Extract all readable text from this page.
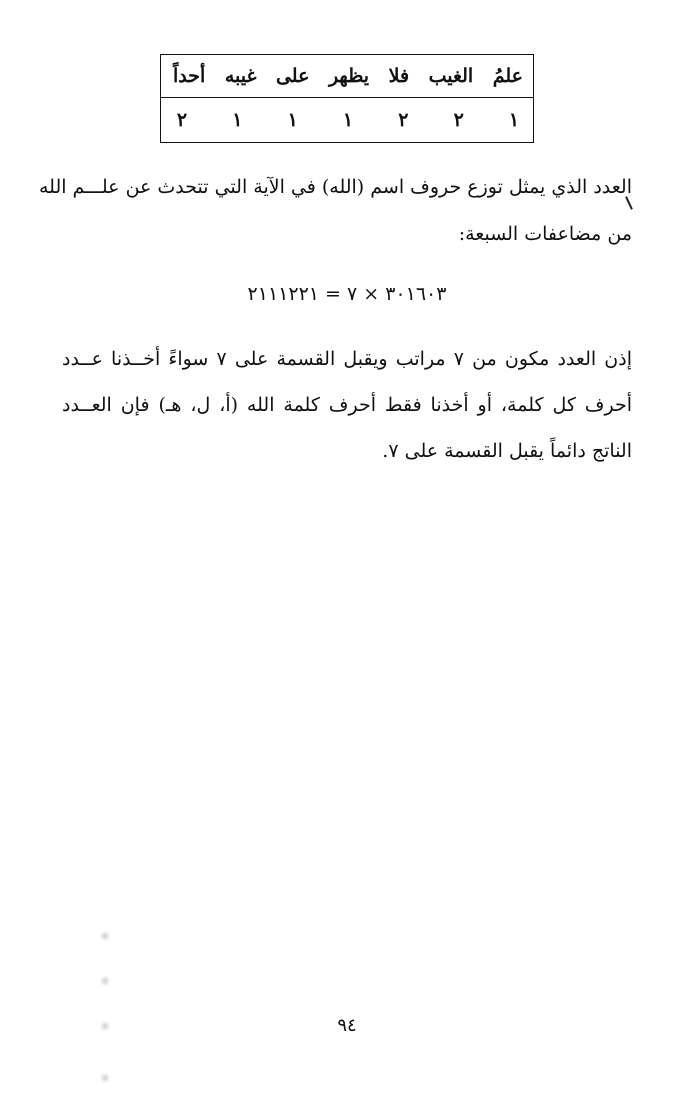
علمُ
الغيب
فلا
يظهر
على
غيبه
أحداً
١
٢
٢
١
١
١
٢
العدد الذي يمثل توزع حروف اسم (الله) في الآية التي تتحدث عن علـــم الله
من مضاعفات السبعة:
٣٠١٦٠٣ × ٧ = ٢١١١٢٢١
إذن العدد مكون من ٧ مراتب ويقبل القسمة على ٧ سواءً أخــذنا عــدد
أحرف كل كلمة، أو أخذنا فقط أحرف كلمة الله (أ، ل، هـ) فإن العــدد
الناتج دائماً يقبل القسمة على ٧.
٩٤
